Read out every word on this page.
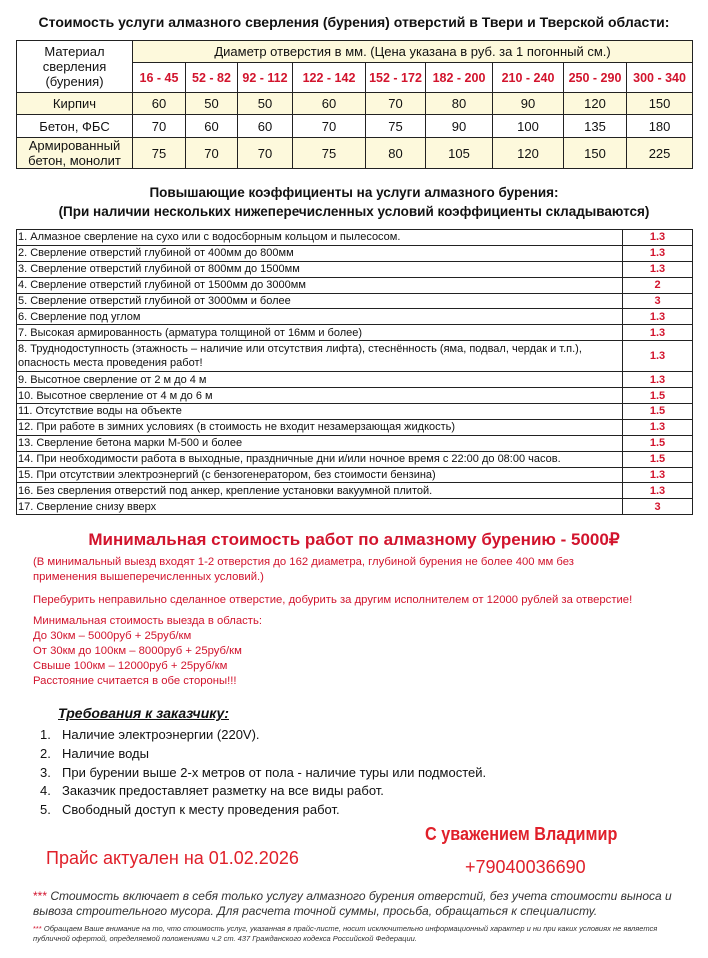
Стоимость услуги алмазного сверления (бурения) отверстий в Твери и Тверской области:
Материал сверления (бурения)	Диаметр отверстия в мм. (Цена указана в руб. за 1 погонный см.)								
	16 - 45	52 - 82	92 - 112	122 - 142	152 - 172	182 - 200	210 - 240	250 - 290	300 - 340
Кирпич	60	50	50	60	70	80	90	120	150
Бетон, ФБС	70	60	60	70	75	90	100	135	180
Армированный бетон, монолит	75	70	70	75	80	105	120	150	225
Повышающие коэффициенты на услуги алмазного бурения:
(При наличии нескольких нижеперечисленных условий коэффициенты складываются)
1. Алмазное сверление на сухо или с водосборным кольцом и пылесосом.	1.3
2. Сверление отверстий глубиной от 400мм до 800мм	1.3
3. Сверление отверстий глубиной от 800мм до 1500мм	1.3
4. Сверление отверстий глубиной от 1500мм до 3000мм	2
5. Сверление отверстий глубиной от 3000мм и более	3
6. Сверление под углом	1.3
7. Высокая армированность (арматура толщиной от 16мм и более)	1.3
8. Труднодоступность (этажность – наличие или отсутствия лифта), стеснённость (яма, подвал, чердак и т.п.), опасность места проведения работ!	1.3
9. Высотное сверление от 2 м до 4 м	1.3
10. Высотное сверление от 4 м до 6 м	1.5
11. Отсутствие воды на объекте	1.5
12. При работе в зимних условиях (в стоимость не входит незамерзающая жидкость)	1.3
13. Сверление бетона марки М-500 и более	1.5
14. При необходимости работа в выходные, праздничные дни и/или ночное время с 22:00 до 08:00 часов.	1.5
15. При отсутствии электроэнергий (с бензогенератором, без стоимости бензина)	1.3
16. Без сверления отверстий под анкер, крепление установки вакуумной плитой.	1.3
17. Сверление снизу вверх	3
Минимальная стоимость работ по алмазному бурению - 5000₽
(В минимальный выезд входят 1-2 отверстия до 162 диаметра, глубиной бурения не более 400 мм без
применения вышеперечисленных условий.)
Перебурить неправильно сделанное отверстие, добурить за другим исполнителем от 12000 рублей за отверстие!
Минимальная стоимость выезда в область:
До 30км – 5000руб + 25руб/км
От 30км до 100км – 8000руб + 25руб/км
Свыше 100км – 12000руб + 25руб/км
Расстояние считается в обе стороны!!!
Требования к заказчику:
1. Наличие электроэнергии (220V).
2. Наличие воды
3. При бурении выше 2-х метров от пола - наличие туры или подмостей.
4. Заказчик предоставляет разметку на все виды работ.
5. Свободный доступ к месту проведения работ.
С уважением Владимир
Прайс актуален на 01.02.2026	+79040036690
*** Стоимость включает в себя только услугу алмазного бурения отверстий, без учета стоимости выноса и вывоза строительного мусора. Для расчета точной суммы, просьба, обращаться к специалисту.
*** Обращаем Ваше внимание на то, что стоимость услуг, указанная в прайс-листе, носит исключительно информационный характер и ни при каких условиях не является публичной офертой, определяемой положениями ч.2 ст. 437 Гражданского кодекса Российской Федерации.
